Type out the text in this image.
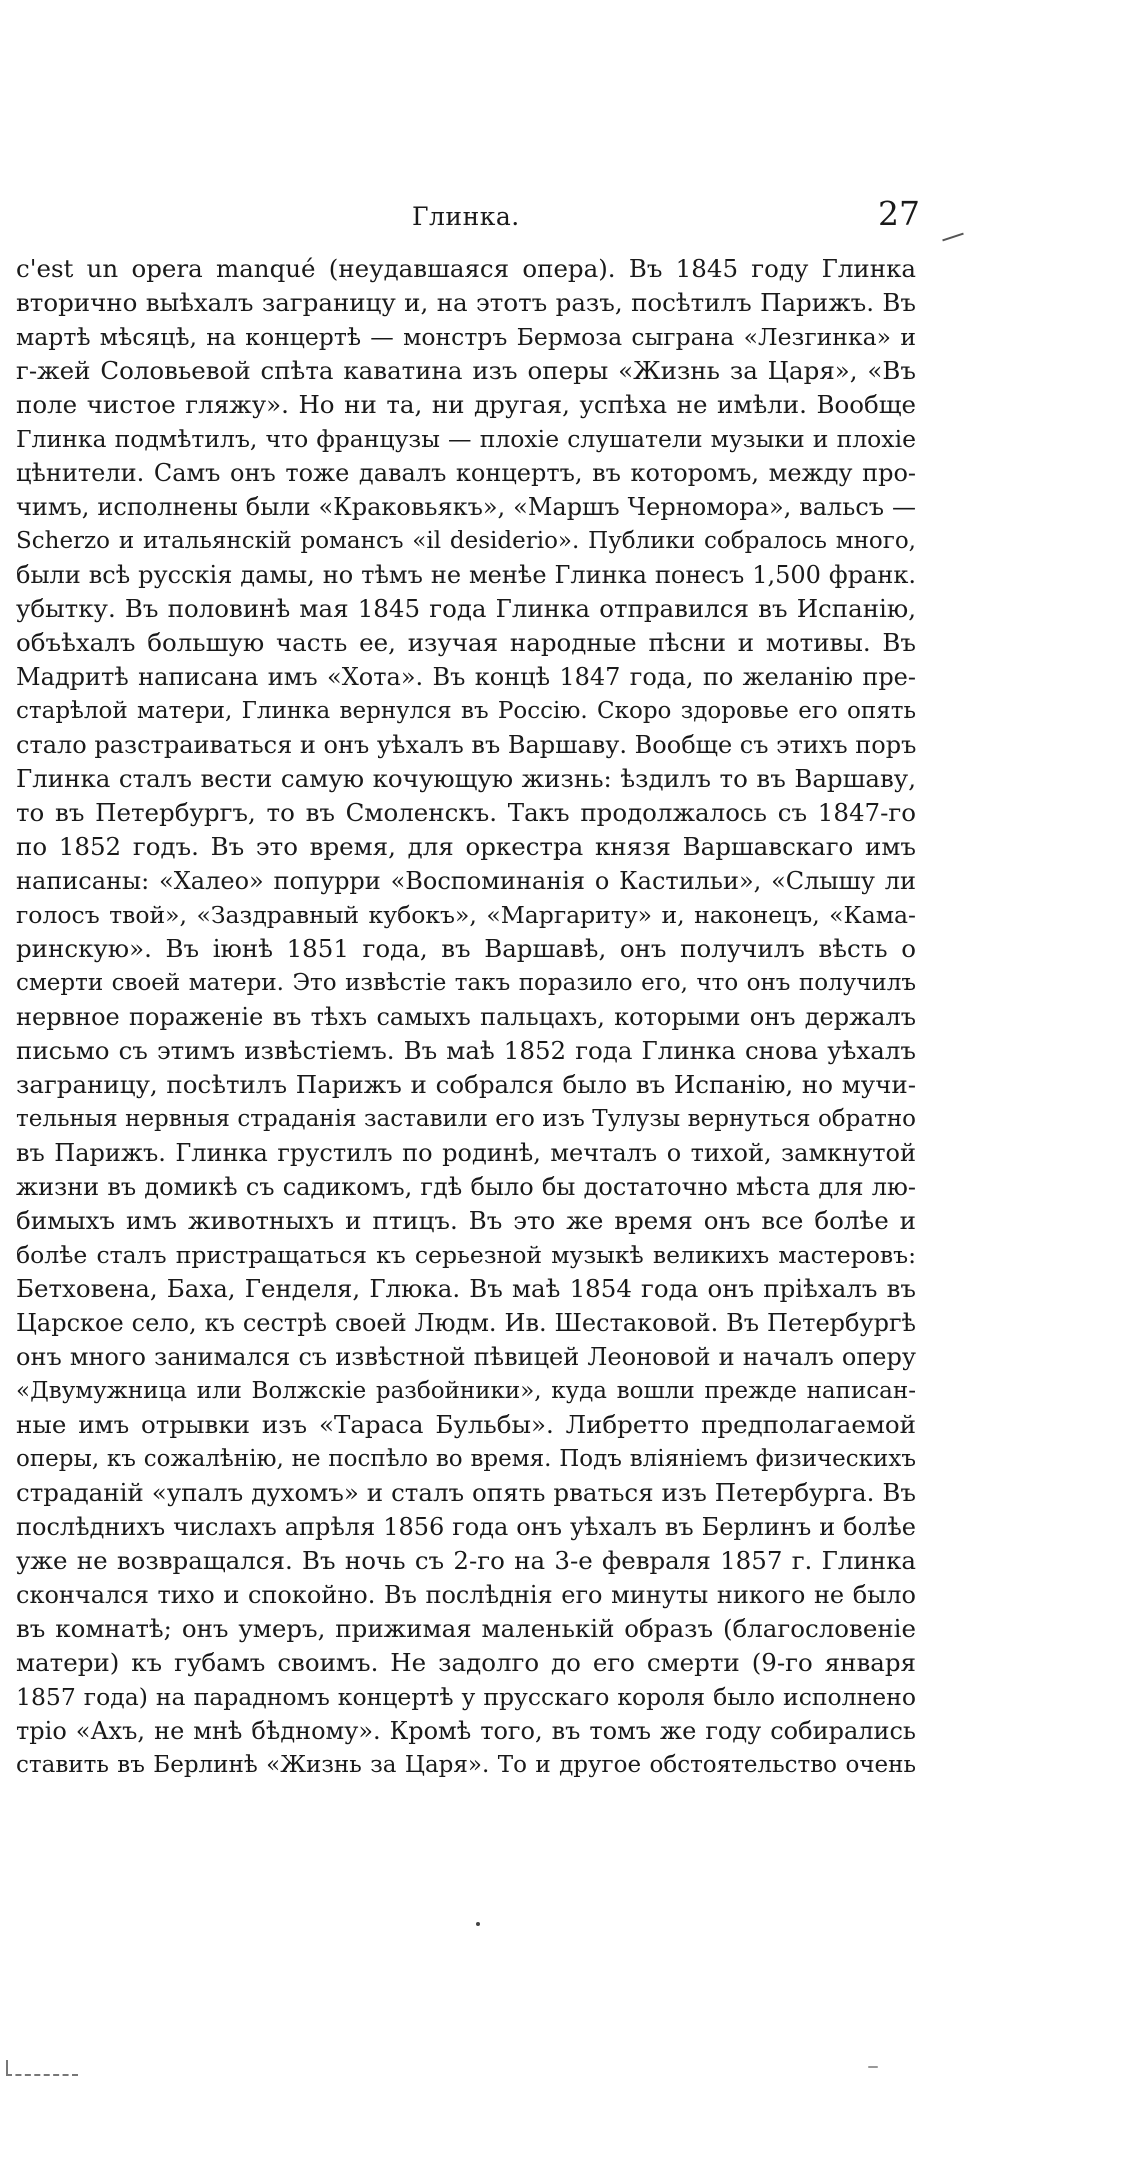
Глинка.	27
c'est un opera manqué (неудавшаяся опера). Въ 1845 году Глинка
вторично выѣхалъ заграницу и, на этотъ разъ, посѣтилъ Парижъ. Въ
мартѣ мѣсяцѣ, на концертѣ — монстръ Бермоза сыграна «Лезгинка» и
г-жей Соловьевой спѣта каватина изъ оперы «Жизнь за Царя», «Въ
поле чистое гляжу». Но ни та, ни другая, успѣха не имѣли. Вообще
Глинка подмѣтилъ, что французы — плохіе слушатели музыки и плохіе
цѣнители. Самъ онъ тоже давалъ концертъ, въ которомъ, между про-
чимъ, исполнены были «Краковьякъ», «Маршъ Черномора», вальсъ —
Scherzo и итальянскій романсъ «il desiderio». Публики собралось много,
были всѣ русскія дамы, но тѣмъ не менѣе Глинка понесъ 1,500 франк.
убытку. Въ половинѣ мая 1845 года Глинка отправился въ Испанію,
объѣхалъ большую часть ее, изучая народные пѣсни и мотивы. Въ
Мадритѣ написана имъ «Хота». Въ концѣ 1847 года, по желанію пре-
старѣлой матери, Глинка вернулся въ Россію. Скоро здоровье его опять
стало разстраиваться и онъ уѣхалъ въ Варшаву. Вообще съ этихъ поръ
Глинка сталъ вести самую кочующую жизнь: ѣздилъ то въ Варшаву,
то въ Петербургъ, то въ Смоленскъ. Такъ продолжалось съ 1847-го
по 1852 годъ. Въ это время, для оркестра князя Варшавскаго имъ
написаны: «Халео» попурри «Воспоминанія о Кастильи», «Слышу ли
голосъ твой», «Заздравный кубокъ», «Маргариту» и, наконецъ, «Кама-
ринскую». Въ іюнѣ 1851 года, въ Варшавѣ, онъ получилъ вѣсть о
смерти своей матери. Это извѣстіе такъ поразило его, что онъ получилъ
нервное пораженіе въ тѣхъ самыхъ пальцахъ, которыми онъ держалъ
письмо съ этимъ извѣстіемъ. Въ маѣ 1852 года Глинка снова уѣхалъ
заграницу, посѣтилъ Парижъ и собрался было въ Испанію, но мучи-
тельныя нервныя страданія заставили его изъ Тулузы вернуться обратно
въ Парижъ. Глинка грустилъ по родинѣ, мечталъ о тихой, замкнутой
жизни въ домикѣ съ садикомъ, гдѣ было бы достаточно мѣста для лю-
бимыхъ имъ животныхъ и птицъ. Въ это же время онъ все болѣе и
болѣе сталъ пристращаться къ серьезной музыкѣ великихъ мастеровъ:
Бетховена, Баха, Генделя, Глюка. Въ маѣ 1854 года онъ пріѣхалъ въ
Царское село, къ сестрѣ своей Людм. Ив. Шестаковой. Въ Петербургѣ
онъ много занимался съ извѣстной пѣвицей Леоновой и началъ оперу
«Двумужница или Волжскіе разбойники», куда вошли прежде написан-
ные имъ отрывки изъ «Тараса Бульбы». Либретто предполагаемой
оперы, къ сожалѣнію, не поспѣло во время. Подъ вліяніемъ физическихъ
страданій «упалъ духомъ» и сталъ опять рваться изъ Петербурга. Въ
послѣднихъ числахъ апрѣля 1856 года онъ уѣхалъ въ Берлинъ и болѣе
уже не возвращался. Въ ночь съ 2-го на 3-е февраля 1857 г. Глинка
скончался тихо и спокойно. Въ послѣднія его минуты никого не было
въ комнатѣ; онъ умеръ, прижимая маленькій образъ (благословеніе
матери) къ губамъ своимъ. Не задолго до его смерти (9-го января
1857 года) на парадномъ концертѣ у прусскаго короля было исполнено
тріо «Ахъ, не мнѣ бѣдному». Кромѣ того, въ томъ же году собирались
ставить въ Берлинѣ «Жизнь за Царя». То и другое обстоятельство очень
